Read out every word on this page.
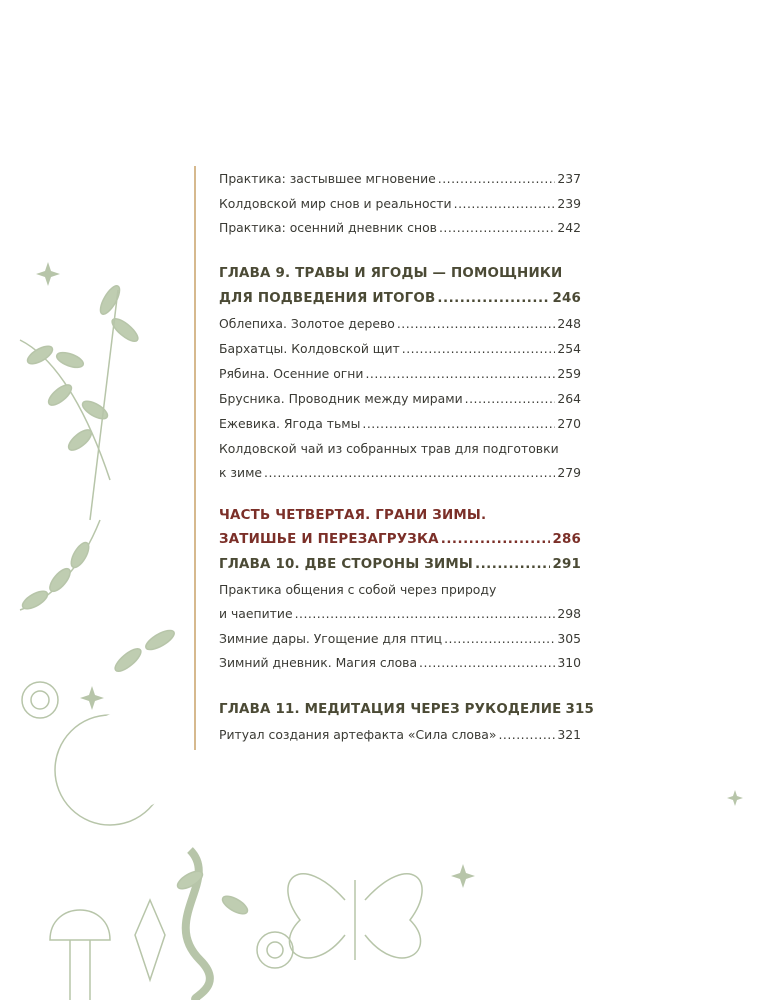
Практика: застывшее мгновение .....	237
Колдовской мир снов и реальности .....	239
Практика: осенний дневник снов .....	242
ГЛАВА 9. ТРАВЫ И ЯГОДЫ — ПОМОЩНИКИ
ДЛЯ ПОДВЕДЕНИЯ ИТОГОВ .....	246
Облепиха. Золотое дерево .....	248
Бархатцы. Колдовской щит .....	254
Рябина. Осенние огни .....	259
Брусника. Проводник между мирами .....	264
Ежевика. Ягода тьмы .....	270
Колдовской чай из собранных трав для подготовки
к зиме .....	279
ЧАСТЬ ЧЕТВЕРТАЯ. ГРАНИ ЗИМЫ.
ЗАТИШЬЕ И ПЕРЕЗАГРУЗКА .....	286
ГЛАВА 10. ДВЕ СТОРОНЫ ЗИМЫ .....	291
Практика общения с собой через природу
и чаепитие .....	298
Зимние дары. Угощение для птиц .....	305
Зимний дневник. Магия слова .....	310
ГЛАВА 11. МЕДИТАЦИЯ ЧЕРЕЗ РУКОДЕЛИЕ 315
Ритуал создания артефакта «Сила слова» .....	321
